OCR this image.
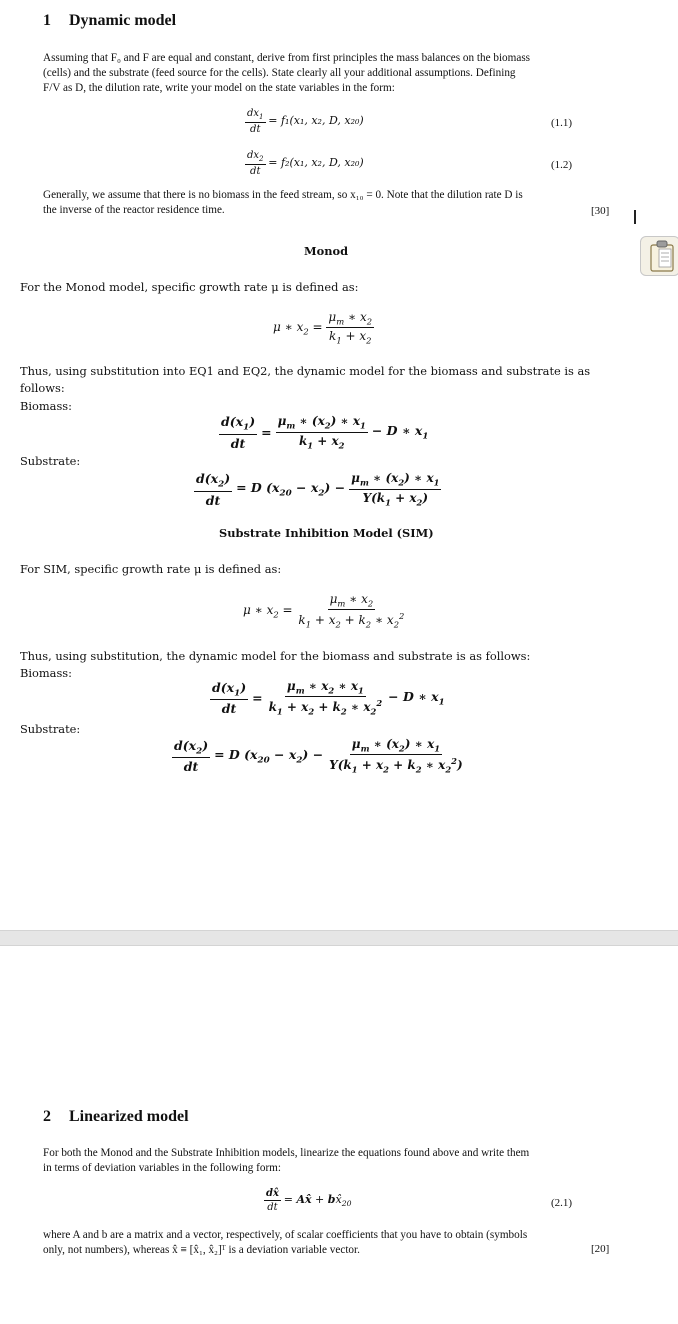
1 Dynamic model
Assuming that F₀ and F are equal and constant, derive from first principles the mass balances on the biomass
(cells) and the substrate (feed source for the cells). State clearly all your additional assumptions. Defining
F/V as D, the dilution rate, write your model on the state variables in the form:
$\frac{dx_1}{dt} = f_1(x_1$, x₂, D, x₂₀)	(1.1)
$\frac{dx_2}{dt} = f_2(x_1$, x₂, D, x₂₀)	(1.2)
Generally, we assume that there is no biomass in the feed stream, so x₁₀ = 0. Note that the dilution rate D is
the inverse of the reactor residence time.	[30]
Monod
For the Monod model, specific growth rate μ is defined as:
μ ∗ $x_2 = \frac{\mu_m ∗ x_2}{k_1 + x_2}$
Thus, using substitution into EQ1 and EQ2, the dynamic model for the biomass and substrate is as
follows:
Biomass:
$\frac{d(x_1)}{dt} = \frac{\mu_m ∗ (x_2) ∗ x_1}{k_1 + x_2} - D$ ∗ $x_1$
Substrate:
$\frac{d(x_2)}{dt} = D$ $(x_{20} - x_2) - \frac{\mu_m ∗ (x_2) ∗ x_1}{Y(k_1 + x_2)}$
Substrate Inhibition Model (SIM)
For SIM, specific growth rate μ is defined as:
μ ∗ $x_2 = \frac{\mu_m ∗ x_2}{k_1 + x_2 + k_2 ∗ x_2^2}$
Thus, using substitution, the dynamic model for the biomass and substrate is as follows:
Biomass:
$\frac{d(x_1)}{dt} = \frac{\mu_m ∗ x_2 ∗ x_1}{k_1 + x_2 + k_2 ∗ x_2^2} - D$ ∗ $x_1$
Substrate:
$\frac{d(x_2)}{dt} = D$ $(x_{20} - x_2) - \frac{\mu_m ∗ (x_2) ∗ x_1}{Y(k_1 + x_2 + k_2 ∗ x_2^2)}$
2 Linearized model
For both the Monod and the Substrate Inhibition models, linearize the equations found above and write them
in terms of deviation variables in the following form:
$\frac{dx̂}{dt}$ = Ax̂ + $bx̂_{20}$	(2.1)
where A and b are a matrix and a vector, respectively, of scalar coefficients that you have to obtain (symbols
only, not numbers), whereas x̂ ≡ [x̂₁, x̂₂]ᵀ is a deviation variable vector.	[20]
